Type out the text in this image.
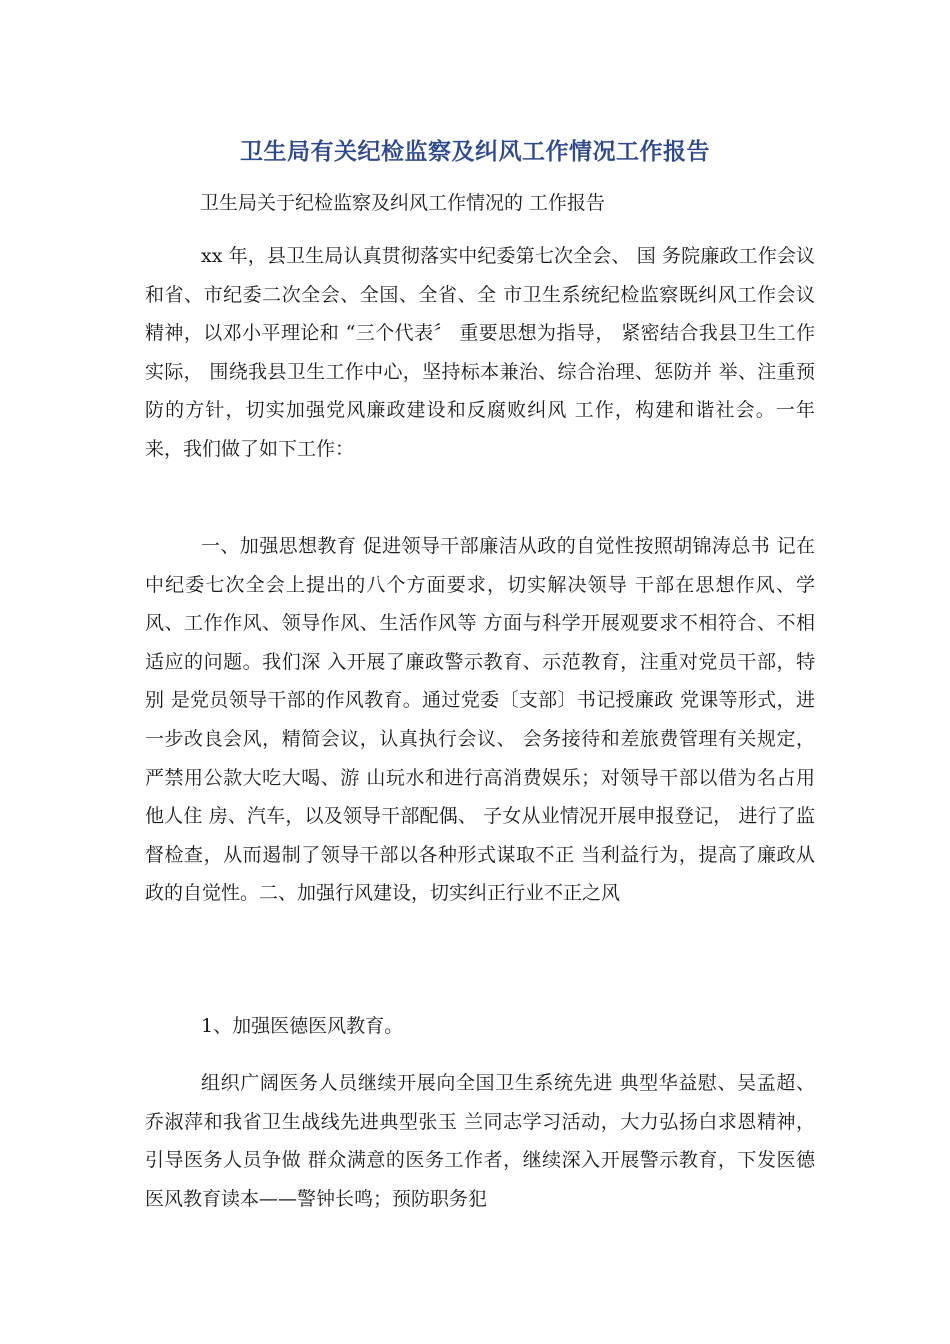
卫生局有关纪检监察及纠风工作情况工作报告
卫生局关于纪检监察及纠风工作情况的 工作报告

xx 年，县卫生局认真贯彻落实中纪委第七次全会、 国 务院廉政工作会议和省、市纪委二次全会、全国、全省、全 市卫生系统纪检监察既纠风工作会议精神，以邓小平理论和 “三个代表〞 重要思想为指导， 紧密结合我县卫生工作实际， 围绕我县卫生工作中心，坚持标本兼治、综合治理、惩防并 举、注重预防的方针，切实加强党风廉政建设和反腐败纠风 工作，构建和谐社会。一年来，我们做了如下工作：

一、加强思想教育 促进领导干部廉洁从政的自觉性按照胡锦涛总书 记在中纪委七次全会上提出的八个方面要求，切实解决领导 干部在思想作风、学风、工作作风、领导作风、生活作风等 方面与科学开展观要求不相符合、不相适应的问题。我们深 入开展了廉政警示教育、示范教育，注重对党员干部，特别 是党员领导干部的作风教育。通过党委〔支部〕书记授廉政 党课等形式，进一步改良会风，精简会议，认真执行会议、 会务接待和差旅费管理有关规定，严禁用公款大吃大喝、游 山玩水和进行高消费娱乐；对领导干部以借为名占用他人住 房、汽车，以及领导干部配偶、 子女从业情况开展申报登记， 进行了监督检查，从而遏制了领导干部以各种形式谋取不正 当利益行为，提高了廉政从政的自觉性。二、加强行风建设，切实纠正行业不正之风

1、加强医德医风教育。

组织广阔医务人员继续开展向全国卫生系统先进 典型华益慰、吴孟超、乔淑萍和我省卫生战线先进典型张玉 兰同志学习活动，大力弘扬白求恩精神，引导医务人员争做 群众满意的医务工作者，继续深入开展警示教育，下发医德 医风教育读本——警钟长鸣；预防职务犯
